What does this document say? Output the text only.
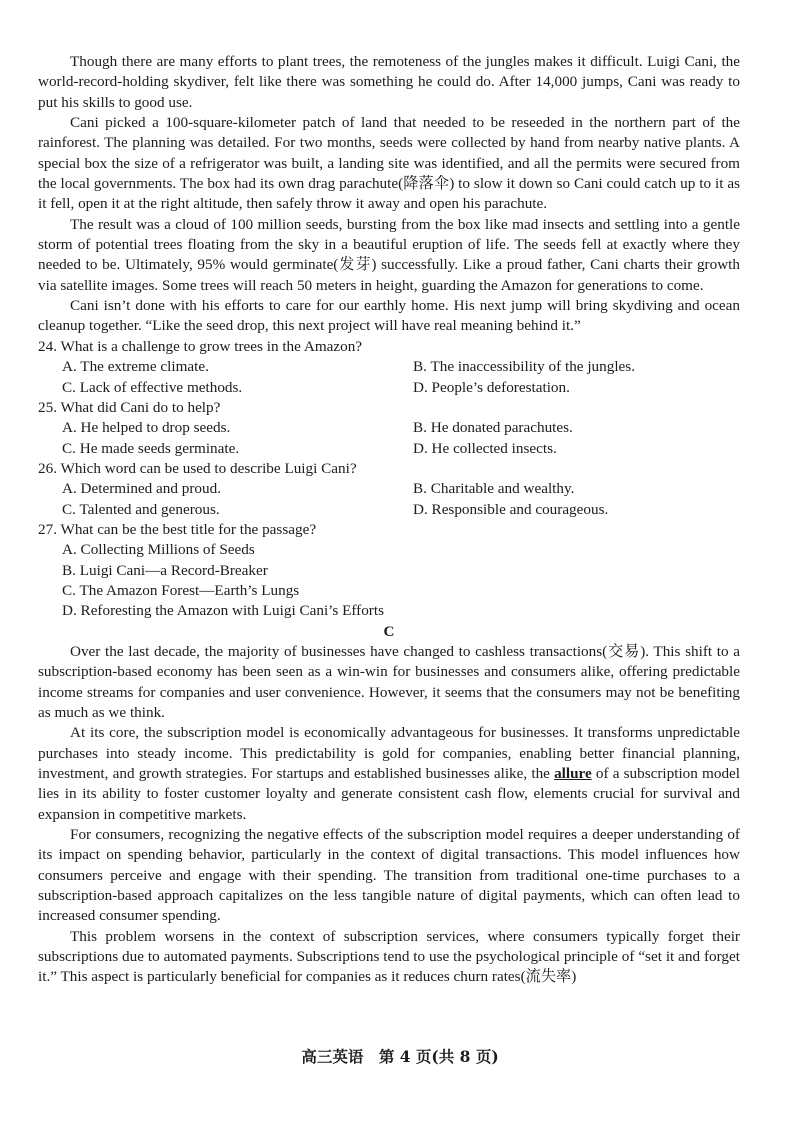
Though there are many efforts to plant trees, the remoteness of the jungles makes it difficult. Luigi Cani, the world-record-holding skydiver, felt like there was something he could do. After 14,000 jumps, Cani was ready to put his skills to good use.

Cani picked a 100-square-kilometer patch of land that needed to be reseeded in the northern part of the rainforest. The planning was detailed. For two months, seeds were collected by hand from nearby native plants. A special box the size of a refrigerator was built, a landing site was identified, and all the permits were secured from the local governments. The box had its own drag parachute(降落伞) to slow it down so Cani could catch up to it as it fell, open it at the right altitude, then safely throw it away and open his parachute.

The result was a cloud of 100 million seeds, bursting from the box like mad insects and settling into a gentle storm of potential trees floating from the sky in a beautiful eruption of life. The seeds fell at exactly where they needed to be. Ultimately, 95% would germinate(发芽) successfully. Like a proud father, Cani charts their growth via satellite images. Some trees will reach 50 meters in height, guarding the Amazon for generations to come.

Cani isn’t done with his efforts to care for our earthly home. His next jump will bring skydiving and ocean cleanup together. “Like the seed drop, this next project will have real meaning behind it.”

24. What is a challenge to grow trees in the Amazon?

A. The extreme climate.	B. The inaccessibility of the jungles.
C. Lack of effective methods.	D. People’s deforestation.

25. What did Cani do to help?

A. He helped to drop seeds.	B. He donated parachutes.
C. He made seeds germinate.	D. He collected insects.

26. Which word can be used to describe Luigi Cani?

A. Determined and proud.	B. Charitable and wealthy.
C. Talented and generous.	D. Responsible and courageous.

27. What can be the best title for the passage?

A. Collecting Millions of Seeds
B. Luigi Cani—a Record-Breaker
C. The Amazon Forest—Earth’s Lungs
D. Reforesting the Amazon with Luigi Cani’s Efforts

C

Over the last decade, the majority of businesses have changed to cashless transactions(交易). This shift to a subscription-based economy has been seen as a win-win for businesses and consumers alike, offering predictable income streams for companies and user convenience. However, it seems that the consumers may not be benefiting as much as we think.

At its core, the subscription model is economically advantageous for businesses. It transforms unpredictable purchases into steady income. This predictability is gold for companies, enabling better financial planning, investment, and growth strategies. For startups and established businesses alike, the allure of a subscription model lies in its ability to foster customer loyalty and generate consistent cash flow, elements crucial for survival and expansion in competitive markets.

For consumers, recognizing the negative effects of the subscription model requires a deeper understanding of its impact on spending behavior, particularly in the context of digital transactions. This model influences how consumers perceive and engage with their spending. The transition from traditional one-time purchases to a subscription-based approach capitalizes on the less tangible nature of digital payments, which can often lead to increased consumer spending.

This problem worsens in the context of subscription services, where consumers typically forget their subscriptions due to automated payments. Subscriptions tend to use the psychological principle of “set it and forget it.” This aspect is particularly beneficial for companies as it reduces churn rates(流失率)

高三英语　第 4 页(共 8 页)
